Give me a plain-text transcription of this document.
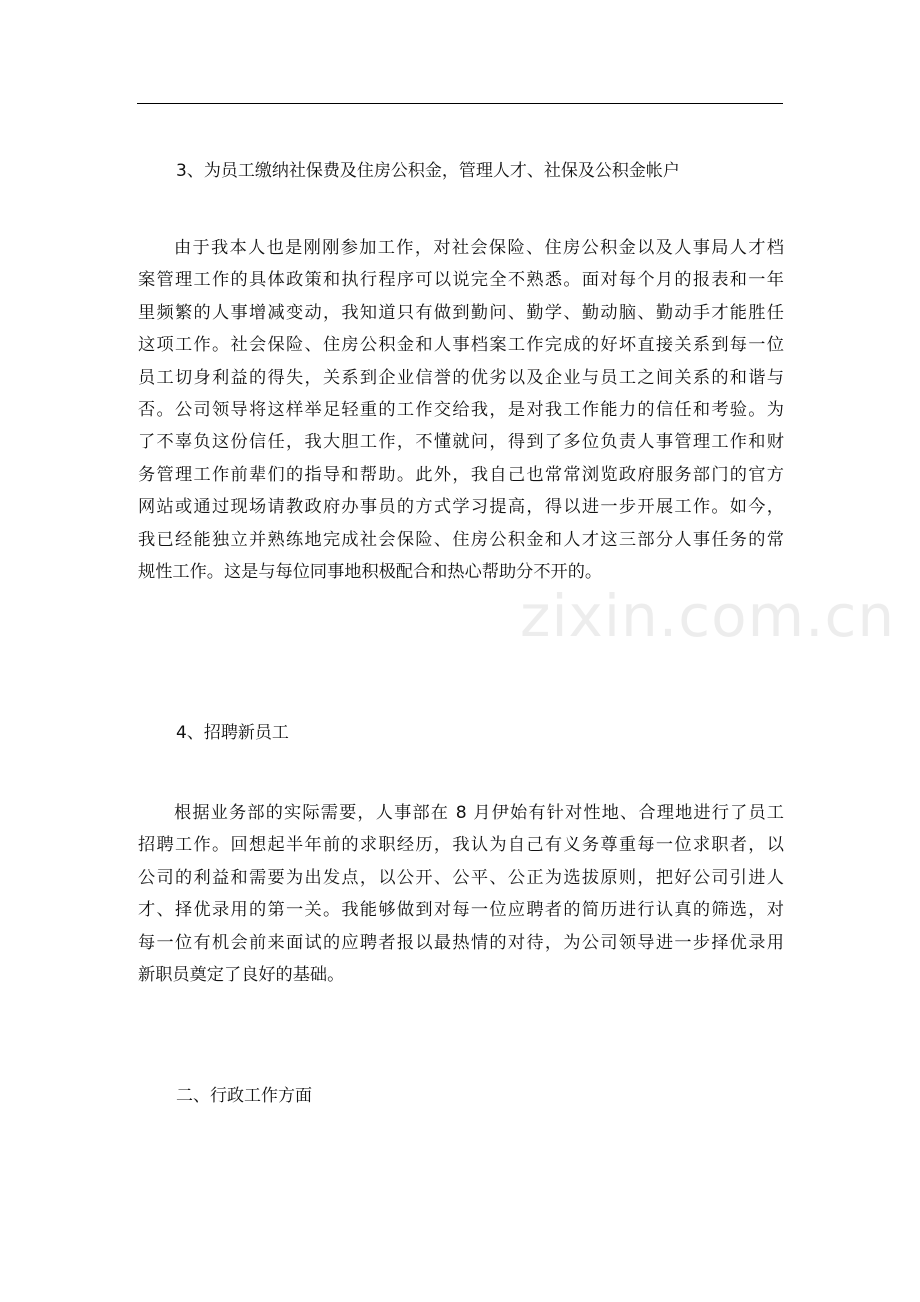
zixin.com.cn
3、为员工缴纳社保费及住房公积金，管理人才、社保及公积金帐户
由于我本人也是刚刚参加工作，对社会保险、住房公积金以及人事局人才档
案管理工作的具体政策和执行程序可以说完全不熟悉。面对每个月的报表和一年
里频繁的人事增减变动，我知道只有做到勤问、勤学、勤动脑、勤动手才能胜任
这项工作。社会保险、住房公积金和人事档案工作完成的好坏直接关系到每一位
员工切身利益的得失，关系到企业信誉的优劣以及企业与员工之间关系的和谐与
否。公司领导将这样举足轻重的工作交给我，是对我工作能力的信任和考验。为
了不辜负这份信任，我大胆工作，不懂就问，得到了多位负责人事管理工作和财
务管理工作前辈们的指导和帮助。此外，我自己也常常浏览政府服务部门的官方
网站或通过现场请教政府办事员的方式学习提高，得以进一步开展工作。如今，
我已经能独立并熟练地完成社会保险、住房公积金和人才这三部分人事任务的常
规性工作。这是与每位同事地积极配合和热心帮助分不开的。
4、招聘新员工
根据业务部的实际需要，人事部在 8 月伊始有针对性地、合理地进行了员工
招聘工作。回想起半年前的求职经历，我认为自己有义务尊重每一位求职者，以
公司的利益和需要为出发点，以公开、公平、公正为选拔原则，把好公司引进人
才、择优录用的第一关。我能够做到对每一位应聘者的简历进行认真的筛选，对
每一位有机会前来面试的应聘者报以最热情的对待，为公司领导进一步择优录用
新职员奠定了良好的基础。
二、行政工作方面
